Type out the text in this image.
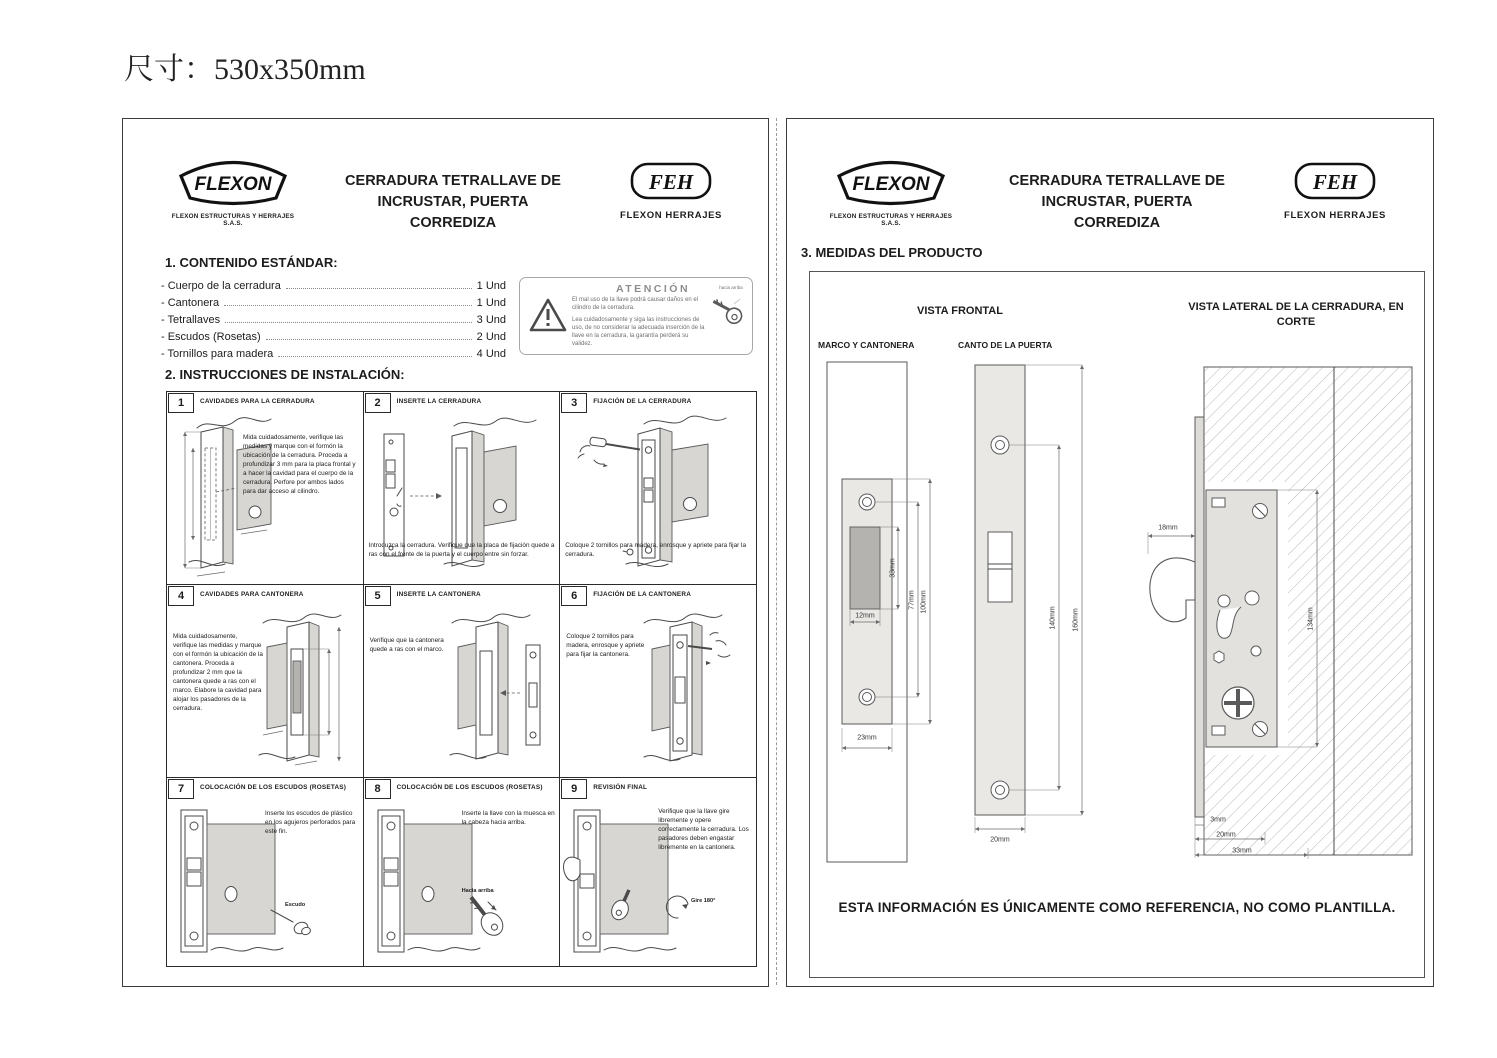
尺寸：530x350mm
FLEXON
FLEXON ESTRUCTURAS Y HERRAJES S.A.S.
CERRADURA TETRALLAVE DE
INCRUSTAR, PUERTA
CORREDIZA
FEH
FLEXON HERRAJES
1. CONTENIDO ESTÁNDAR:
- Cuerpo de la cerradura	1 Und
- Cantonera	1 Und
- Tetrallaves	3 Und
- Escudos (Rosetas)	2 Und
- Tornillos para madera	4 Und
ATENCIÓN
El mal uso de la llave podrá causar daños en el cilindro de la cerradura.
Lea cuidadosamente y siga las instrucciones de uso, de no considerar la adecuada inserción de la llave en la cerradura, la garantía perderá su validez.
hacia arriba
2. INSTRUCCIONES DE INSTALACIÓN:
1	CAVIDADES PARA LA CERRADURA
Mida cuidadosamente, verifique las medidas y marque con el formón la ubicación de la cerradura. Proceda a profundizar 3 mm para la placa frontal y a hacer la cavidad para el cuerpo de la cerradura. Perfore por ambos lados para dar acceso al cilindro.
2	INSERTE LA CERRADURA
Introduzca la cerradura. Verifique que la placa de fijación quede a ras con el frente de la puerta y el cuerpo entre sin forzar.
3	FIJACIÓN DE LA CERRADURA
Coloque 2 tornillos para madera, enrosque y apriete para fijar la cerradura.
4	CAVIDADES PARA CANTONERA
Mida cuidadosamente, verifique las medidas y marque con el formón la ubicación de la cantonera. Proceda a profundizar 2 mm que la cantonera quede a ras con el marco. Elabore la cavidad para alojar los pasadores de la cerradura.
5	INSERTE LA CANTONERA
Verifique que la cantonera quede a ras con el marco.
6	FIJACIÓN DE LA CANTONERA
Coloque 2 tornillos para madera, enrosque y apriete para fijar la cantonera.
7	COLOCACIÓN DE LOS ESCUDOS (ROSETAS)
Inserte los escudos de plástico en los agujeros perforados para este fin.
Escudo
8	COLOCACIÓN DE LOS ESCUDOS (ROSETAS)
Inserte la llave con la muesca en la cabeza hacia arriba.
Hacia arriba
9	REVISIÓN FINAL
Verifique que la llave gire libremente y opere correctamente la cerradura. Los pasadores deben engastar libremente en la cantonera.
Gire 180°
FLEXON
FLEXON ESTRUCTURAS Y HERRAJES S.A.S.
CERRADURA TETRALLAVE DE
INCRUSTAR, PUERTA
CORREDIZA
FEH
FLEXON HERRAJES
3. MEDIDAS DEL PRODUCTO
VISTA FRONTAL	VISTA LATERAL DE LA CERRADURA, EN CORTE
MARCO Y CANTONERA	CANTO DE LA PUERTA
12mm
33mm
77mm 100mm
23mm
140mm 160mm
20mm
18mm
134mm
3mm
20mm
33mm
ESTA INFORMACIÓN ES ÚNICAMENTE COMO REFERENCIA, NO COMO PLANTILLA.
